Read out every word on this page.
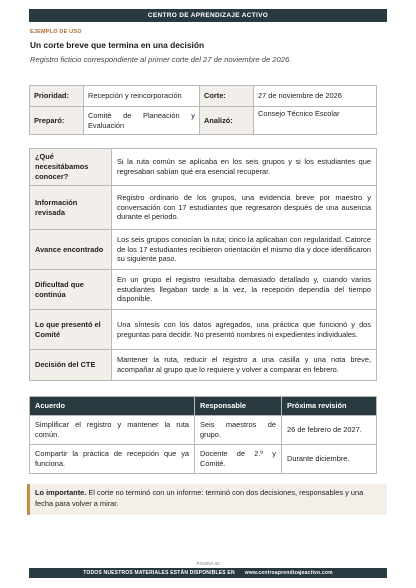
CENTRO DE APRENDIZAJE ACTIVO
EJEMPLO DE USO
Un corte breve que termina en una decisión
Registro ficticio correspondiente al primer corte del 27 de noviembre de 2026.
Prioridad:	Recepción y reincorporación	Corte:	27 de noviembre de 2026
Preparó:	Comité de Planeación y Evaluación	Analizó:	Consejo Técnico Escolar
¿Qué necesitábamos conocer?	Si la ruta común se aplicaba en los seis grupos y si los estudiantes que regresaban sabían qué era esencial recuperar.
Información revisada	Registro ordinario de los grupos, una evidencia breve por maestro y conversación con 17 estudiantes que regresaron después de una ausencia durante el periodo.
Avance encontrado	Los seis grupos conocían la ruta; cinco la aplicaban con regularidad. Catorce de los 17 estudiantes recibieron orientación el mismo día y doce identificaron su siguiente paso.
Dificultad que continúa	En un grupo el registro resultaba demasiado detallado y, cuando varios estudiantes llegaban tarde a la vez, la recepción dependía del tiempo disponible.
Lo que presentó el Comité	Una síntesis con los datos agregados, una práctica que funcionó y dos preguntas para decidir. No presentó nombres ni expedientes individuales.
Decisión del CTE	Mantener la ruta, reducir el registro a una casilla y una nota breve, acompañar al grupo que lo requiere y volver a comparar en febrero.
Acuerdo	Responsable	Próxima revisión
Simplificar el registro y mantener la ruta común.	Seis maestros de grupo.	26 de febrero de 2027.
Compartir la práctica de recepción que ya funciona.	Docente de 2.º y Comité.	Durante diciembre.
Lo importante. El corte no terminó con un informe: terminó con dos decisiones, responsables y una fecha para volver a mirar.
PÁGINA 32
TODOS NUESTROS MATERIALES ESTÁN DISPONIBLES EN www.centroaprendizajeactivo.com
